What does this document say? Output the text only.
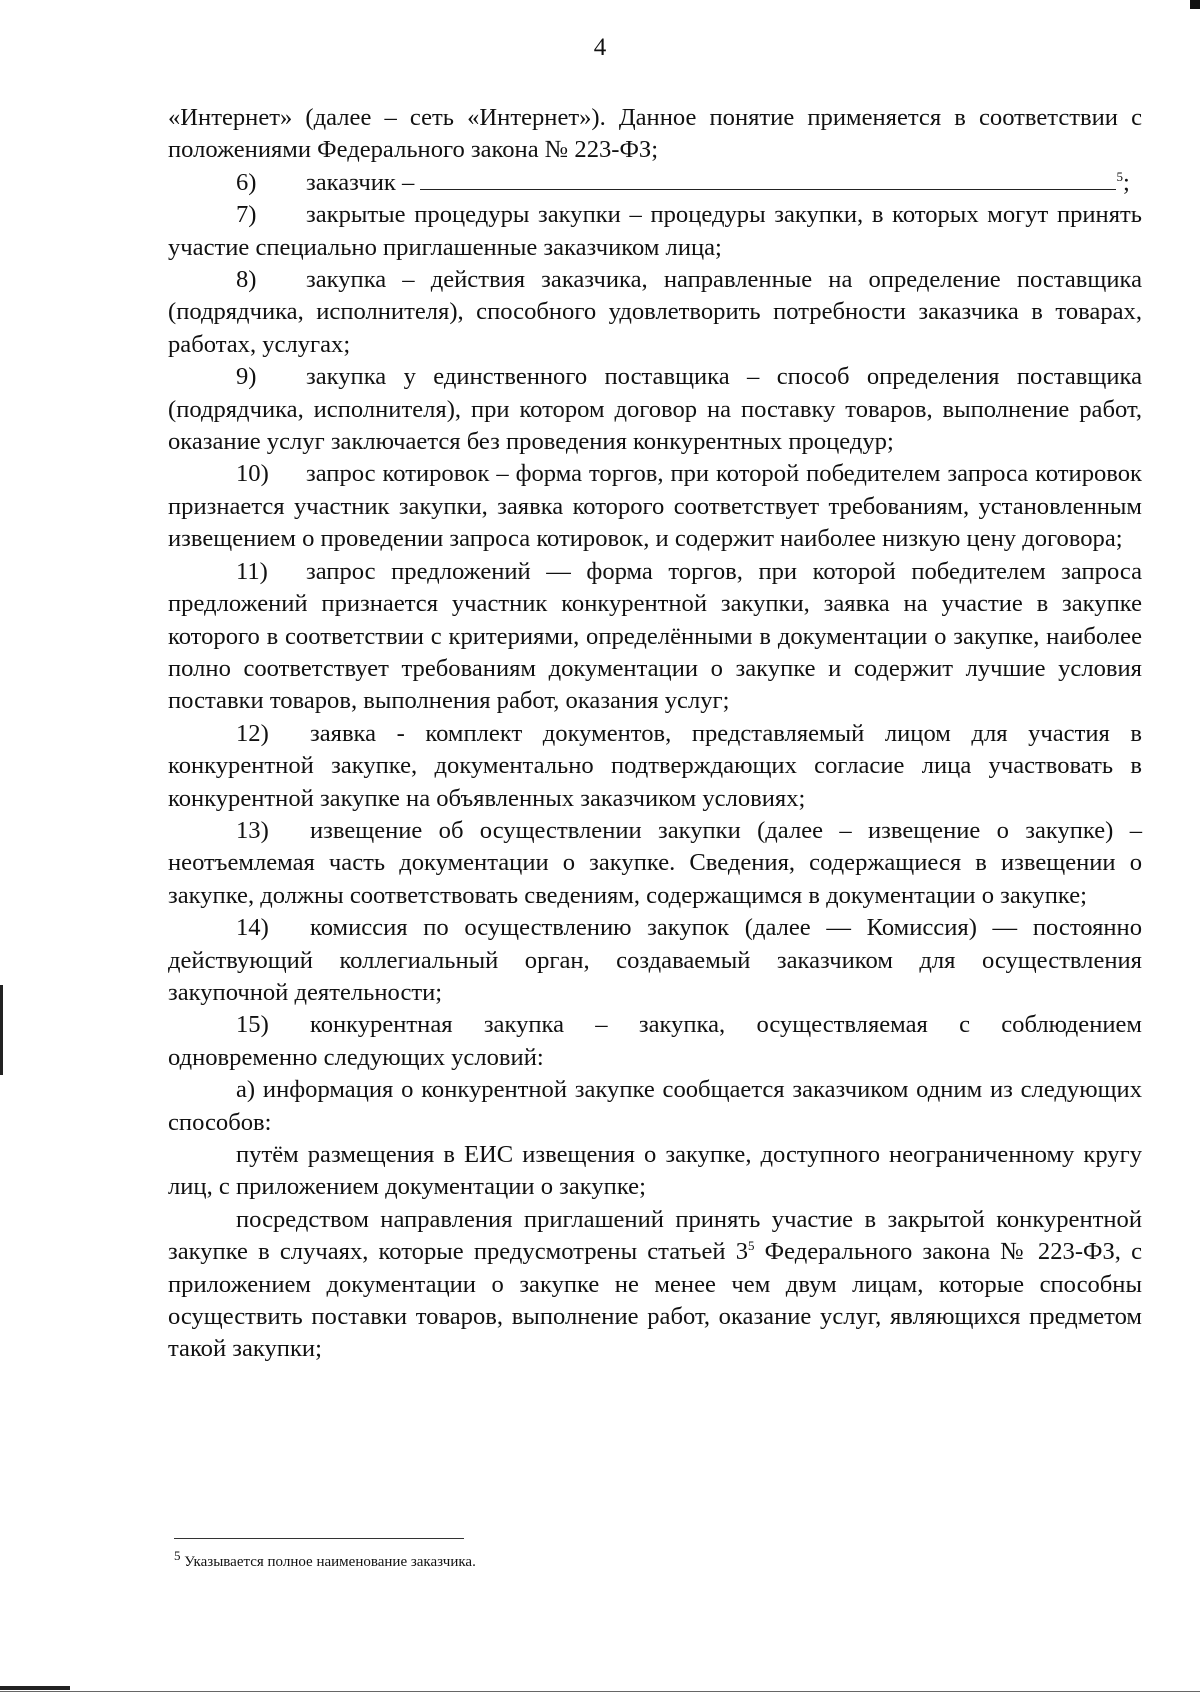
4

«Интернет» (далее – сеть «Интернет»). Данное понятие применяется в соответствии с положениями Федерального закона № 223-ФЗ;

6) заказчик –	$^5$;

7) закрытые процедуры закупки – процедуры закупки, в которых могут принять участие специально приглашенные заказчиком лица;

8) закупка – действия заказчика, направленные на определение поставщика (подрядчика, исполнителя), способного удовлетворить потребности заказчика в товарах, работах, услугах;

9) закупка у единственного поставщика – способ определения поставщика (подрядчика, исполнителя), при котором договор на поставку товаров, выполнение работ, оказание услуг заключается без проведения конкурентных процедур;

10) запрос котировок – форма торгов, при которой победителем запроса котировок признается участник закупки, заявка которого соответствует требованиям, установленным извещением о проведении запроса котировок, и содержит наиболее низкую цену договора;

11) запрос предложений — форма торгов, при которой победителем запроса предложений признается участник конкурентной закупки, заявка на участие в закупке которого в соответствии с критериями, определёнными в документации о закупке, наиболее полно соответствует требованиям документации о закупке и содержит лучшие условия поставки товаров, выполнения работ, оказания услуг;

12) заявка - комплект документов, представляемый лицом для участия в конкурентной закупке, документально подтверждающих согласие лица участвовать в конкурентной закупке на объявленных заказчиком условиях;

13) извещение об осуществлении закупки (далее – извещение о закупке) – неотъемлемая часть документации о закупке. Сведения, содержащиеся в извещении о закупке, должны соответствовать сведениям, содержащимся в документации о закупке;

14) комиссия по осуществлению закупок (далее — Комиссия) — постоянно действующий коллегиальный орган, создаваемый заказчиком для осуществления закупочной деятельности;

15) конкурентная закупка – закупка, осуществляемая с соблюдением одновременно следующих условий:

а) информация о конкурентной закупке сообщается заказчиком одним из следующих способов:

путём размещения в ЕИС извещения о закупке, доступного неограниченному кругу лиц, с приложением документации о закупке;

посредством направления приглашений принять участие в закрытой конкурентной закупке в случаях, которые предусмотрены статьей $3^5$ Федерального закона № 223-ФЗ, с приложением документации о закупке не менее чем двум лицам, которые способны осуществить поставки товаров, выполнение работ, оказание услуг, являющихся предметом такой закупки;

$^5$ Указывается полное наименование заказчика.
